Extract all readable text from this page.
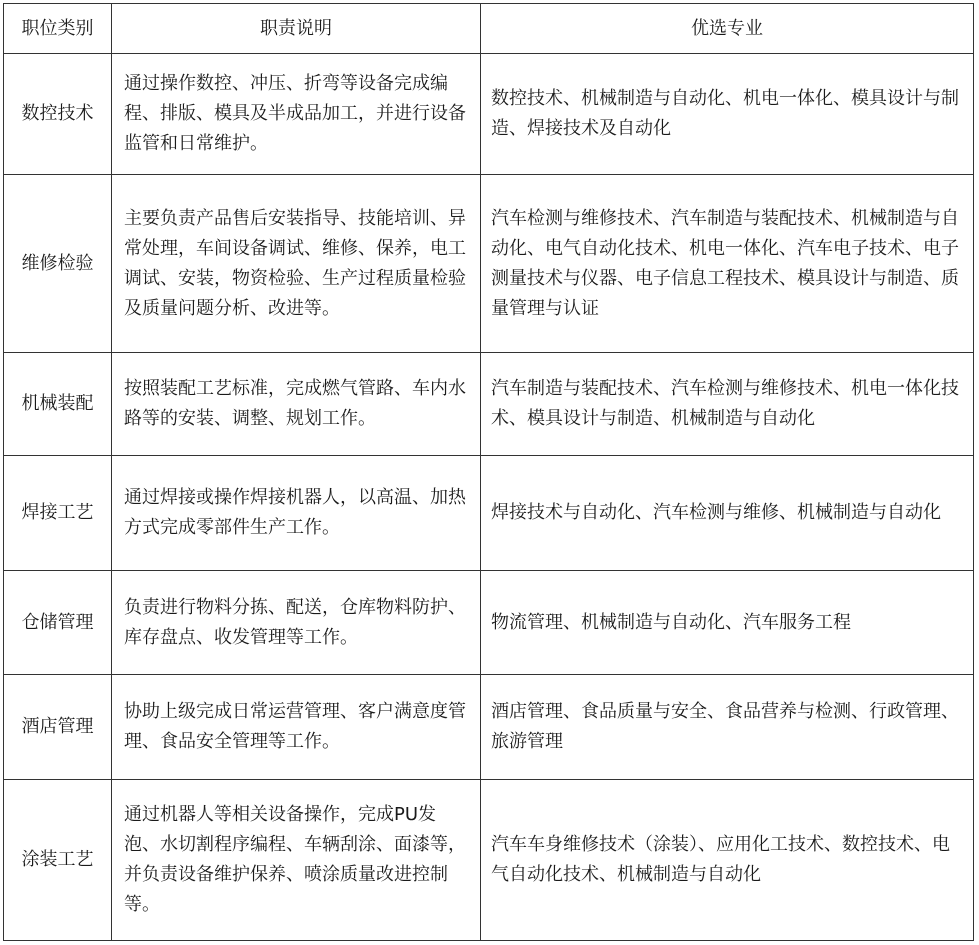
职位类别	职责说明	优选专业
数控技术	通过操作数控、冲压、折弯等设备完成编程、排版、模具及半成品加工，并进行设备监管和日常维护。	数控技术、机械制造与自动化、机电一体化、模具设计与制造、焊接技术及自动化
维修检验	主要负责产品售后安装指导、技能培训、异常处理，车间设备调试、维修、保养，电工调试、安装，物资检验、生产过程质量检验及质量问题分析、改进等。	汽车检测与维修技术、汽车制造与装配技术、机械制造与自动化、电气自动化技术、机电一体化、汽车电子技术、电子测量技术与仪器、电子信息工程技术、模具设计与制造、质量管理与认证
机械装配	按照装配工艺标准，完成燃气管路、车内水路等的安装、调整、规划工作。	汽车制造与装配技术、汽车检测与维修技术、机电一体化技术、模具设计与制造、机械制造与自动化
焊接工艺	通过焊接或操作焊接机器人，以高温、加热方式完成零部件生产工作。	焊接技术与自动化、汽车检测与维修、机械制造与自动化
仓储管理	负责进行物料分拣、配送，仓库物料防护、库存盘点、收发管理等工作。	物流管理、机械制造与自动化、汽车服务工程
酒店管理	协助上级完成日常运营管理、客户满意度管理、食品安全管理等工作。	酒店管理、食品质量与安全、食品营养与检测、行政管理、旅游管理
涂装工艺	通过机器人等相关设备操作，完成PU发泡、水切割程序编程、车辆刮涂、面漆等，并负责设备维护保养、喷涂质量改进控制等。	汽车车身维修技术（涂装）、应用化工技术、数控技术、电气自动化技术、机械制造与自动化
